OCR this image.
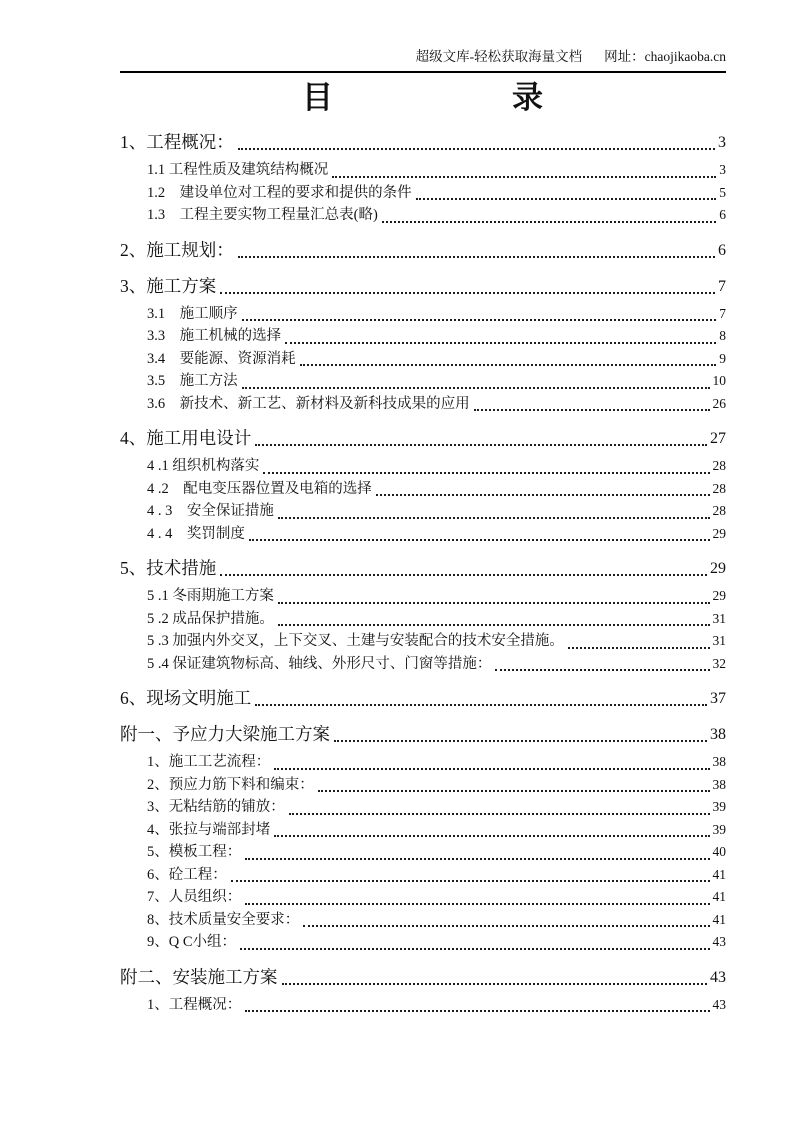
超级文库-轻松获取海量文档 网址：chaojikaoba.cn
目	录
1、工程概况：	3
1.1 工程性质及建筑结构概况	3
1.2　建设单位对工程的要求和提供的条件	5
1.3　工程主要实物工程量汇总表(略)	6
2、施工规划：	6
3、施工方案	7
3.1　施工顺序	7
3.3　施工机械的选择	8
3.4　要能源、资源消耗	9
3.5　施工方法	10
3.6　新技术、新工艺、新材料及新科技成果的应用	26
4、施工用电设计	27
4 .1 组织机构落实	28
4 .2　配电变压器位置及电箱的选择	28
4 . 3　安全保证措施	28
4 . 4　奖罚制度	29
5、技术措施	29
5 .1 冬雨期施工方案	29
5 .2 成品保护措施。	31
5 .3 加强内外交叉，上下交叉、土建与安装配合的技术安全措施。	31
5 .4 保证建筑物标高、轴线、外形尺寸、门窗等措施：	32
6、现场文明施工	37
附一、予应力大梁施工方案	38
1、施工工艺流程：	38
2、预应力筋下料和编束：	38
3、无粘结筋的铺放：	39
4、张拉与端部封堵	39
5、模板工程：	40
6、砼工程：	41
7、人员组织：	41
8、技术质量安全要求：	41
9、Q C小组：	43
附二、安装施工方案	43
1、工程概况：	43
